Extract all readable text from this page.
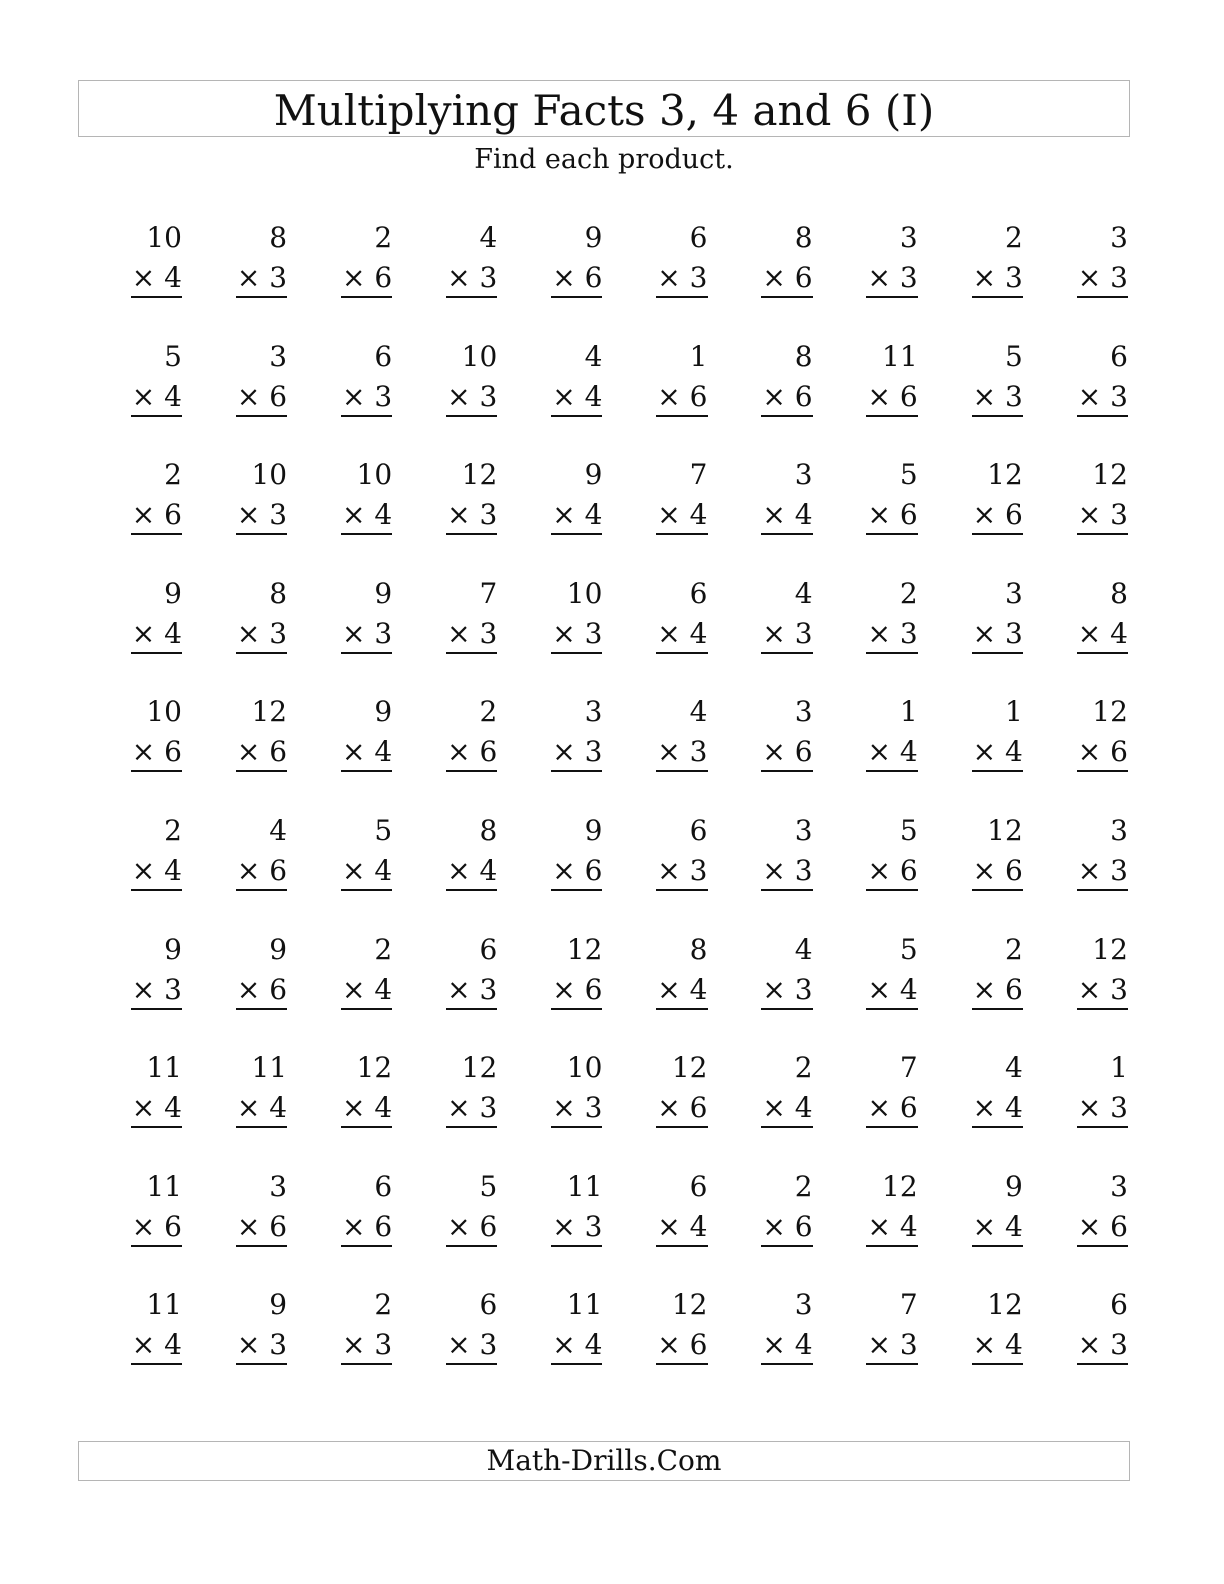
Multiplying Facts 3, 4 and 6 (I)
Find each product.
10
× 4
8
× 3
2
× 6
4
× 3
9
× 6
6
× 3
8
× 6
3
× 3
2
× 3
3
× 3
5
× 4
3
× 6
6
× 3
10
× 3
4
× 4
1
× 6
8
× 6
11
× 6
5
× 3
6
× 3
2
× 6
10
× 3
10
× 4
12
× 3
9
× 4
7
× 4
3
× 4
5
× 6
12
× 6
12
× 3
9
× 4
8
× 3
9
× 3
7
× 3
10
× 3
6
× 4
4
× 3
2
× 3
3
× 3
8
× 4
10
× 6
12
× 6
9
× 4
2
× 6
3
× 3
4
× 3
3
× 6
1
× 4
1
× 4
12
× 6
2
× 4
4
× 6
5
× 4
8
× 4
9
× 6
6
× 3
3
× 3
5
× 6
12
× 6
3
× 3
9
× 3
9
× 6
2
× 4
6
× 3
12
× 6
8
× 4
4
× 3
5
× 4
2
× 6
12
× 3
11
× 4
11
× 4
12
× 4
12
× 3
10
× 3
12
× 6
2
× 4
7
× 6
4
× 4
1
× 3
11
× 6
3
× 6
6
× 6
5
× 6
11
× 3
6
× 4
2
× 6
12
× 4
9
× 4
3
× 6
11
× 4
9
× 3
2
× 3
6
× 3
11
× 4
12
× 6
3
× 4
7
× 3
12
× 4
6
× 3
Math-Drills.Com
